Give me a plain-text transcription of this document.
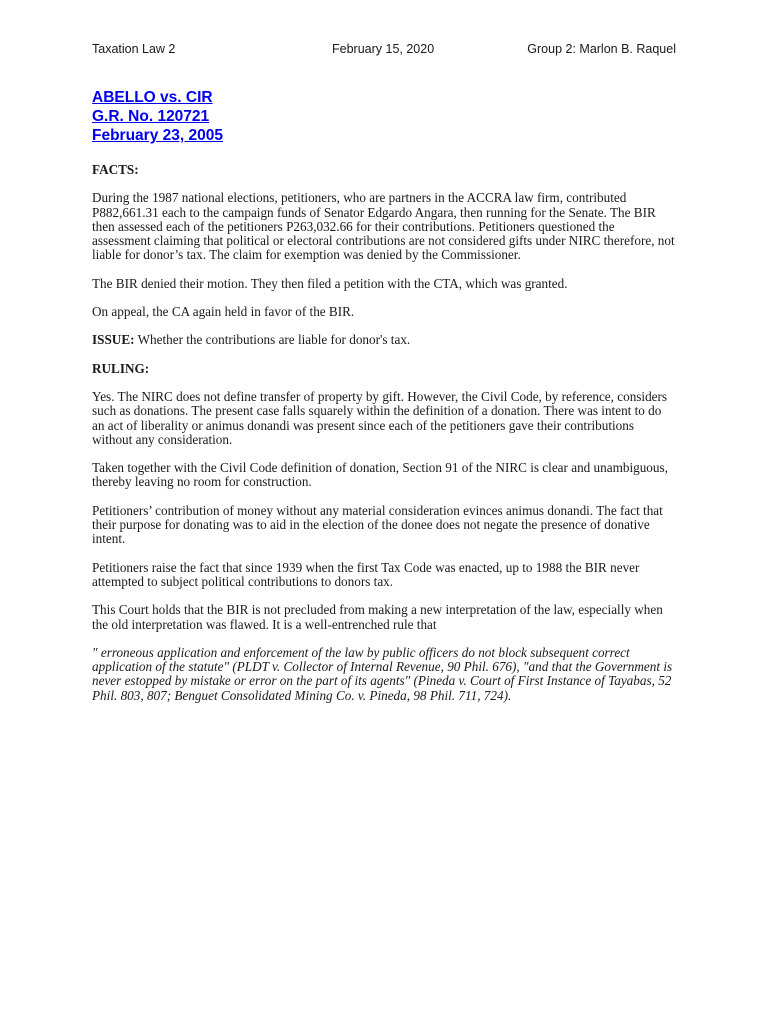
Taxation Law 2	February 15, 2020	Group 2: Marlon B. Raquel
ABELLO vs. CIR
G.R. No. 120721
February 23, 2005
FACTS:

During the 1987 national elections, petitioners, who are partners in the ACCRA law firm, contributed P882,661.31 each to the campaign funds of Senator Edgardo Angara, then running for the Senate. The BIR then assessed each of the petitioners P263,032.66 for their contributions. Petitioners questioned the assessment claiming that political or electoral contributions are not considered gifts under NIRC therefore, not liable for donor’s tax. The claim for exemption was denied by the Commissioner.

The BIR denied their motion. They then filed a petition with the CTA, which was granted.

On appeal, the CA again held in favor of the BIR.

ISSUE: Whether the contributions are liable for donor's tax.

RULING:

Yes. The NIRC does not define transfer of property by gift. However, the Civil Code, by reference, considers such as donations. The present case falls squarely within the definition of a donation. There was intent to do an act of liberality or animus donandi was present since each of the petitioners gave their contributions without any consideration.

Taken together with the Civil Code definition of donation, Section 91 of the NIRC is clear and unambiguous, thereby leaving no room for construction.

Petitioners’ contribution of money without any material consideration evinces animus donandi. The fact that their purpose for donating was to aid in the election of the donee does not negate the presence of donative intent.

Petitioners raise the fact that since 1939 when the first Tax Code was enacted, up to 1988 the BIR never attempted to subject political contributions to donors tax.

This Court holds that the BIR is not precluded from making a new interpretation of the law, especially when the old interpretation was flawed. It is a well-entrenched rule that

" erroneous application and enforcement of the law by public officers do not block subsequent correct application of the statute" (PLDT v. Collector of Internal Revenue, 90 Phil. 676), "and that the Government is never estopped by mistake or error on the part of its agents" (Pineda v. Court of First Instance of Tayabas, 52 Phil. 803, 807; Benguet Consolidated Mining Co. v. Pineda, 98 Phil. 711, 724).
